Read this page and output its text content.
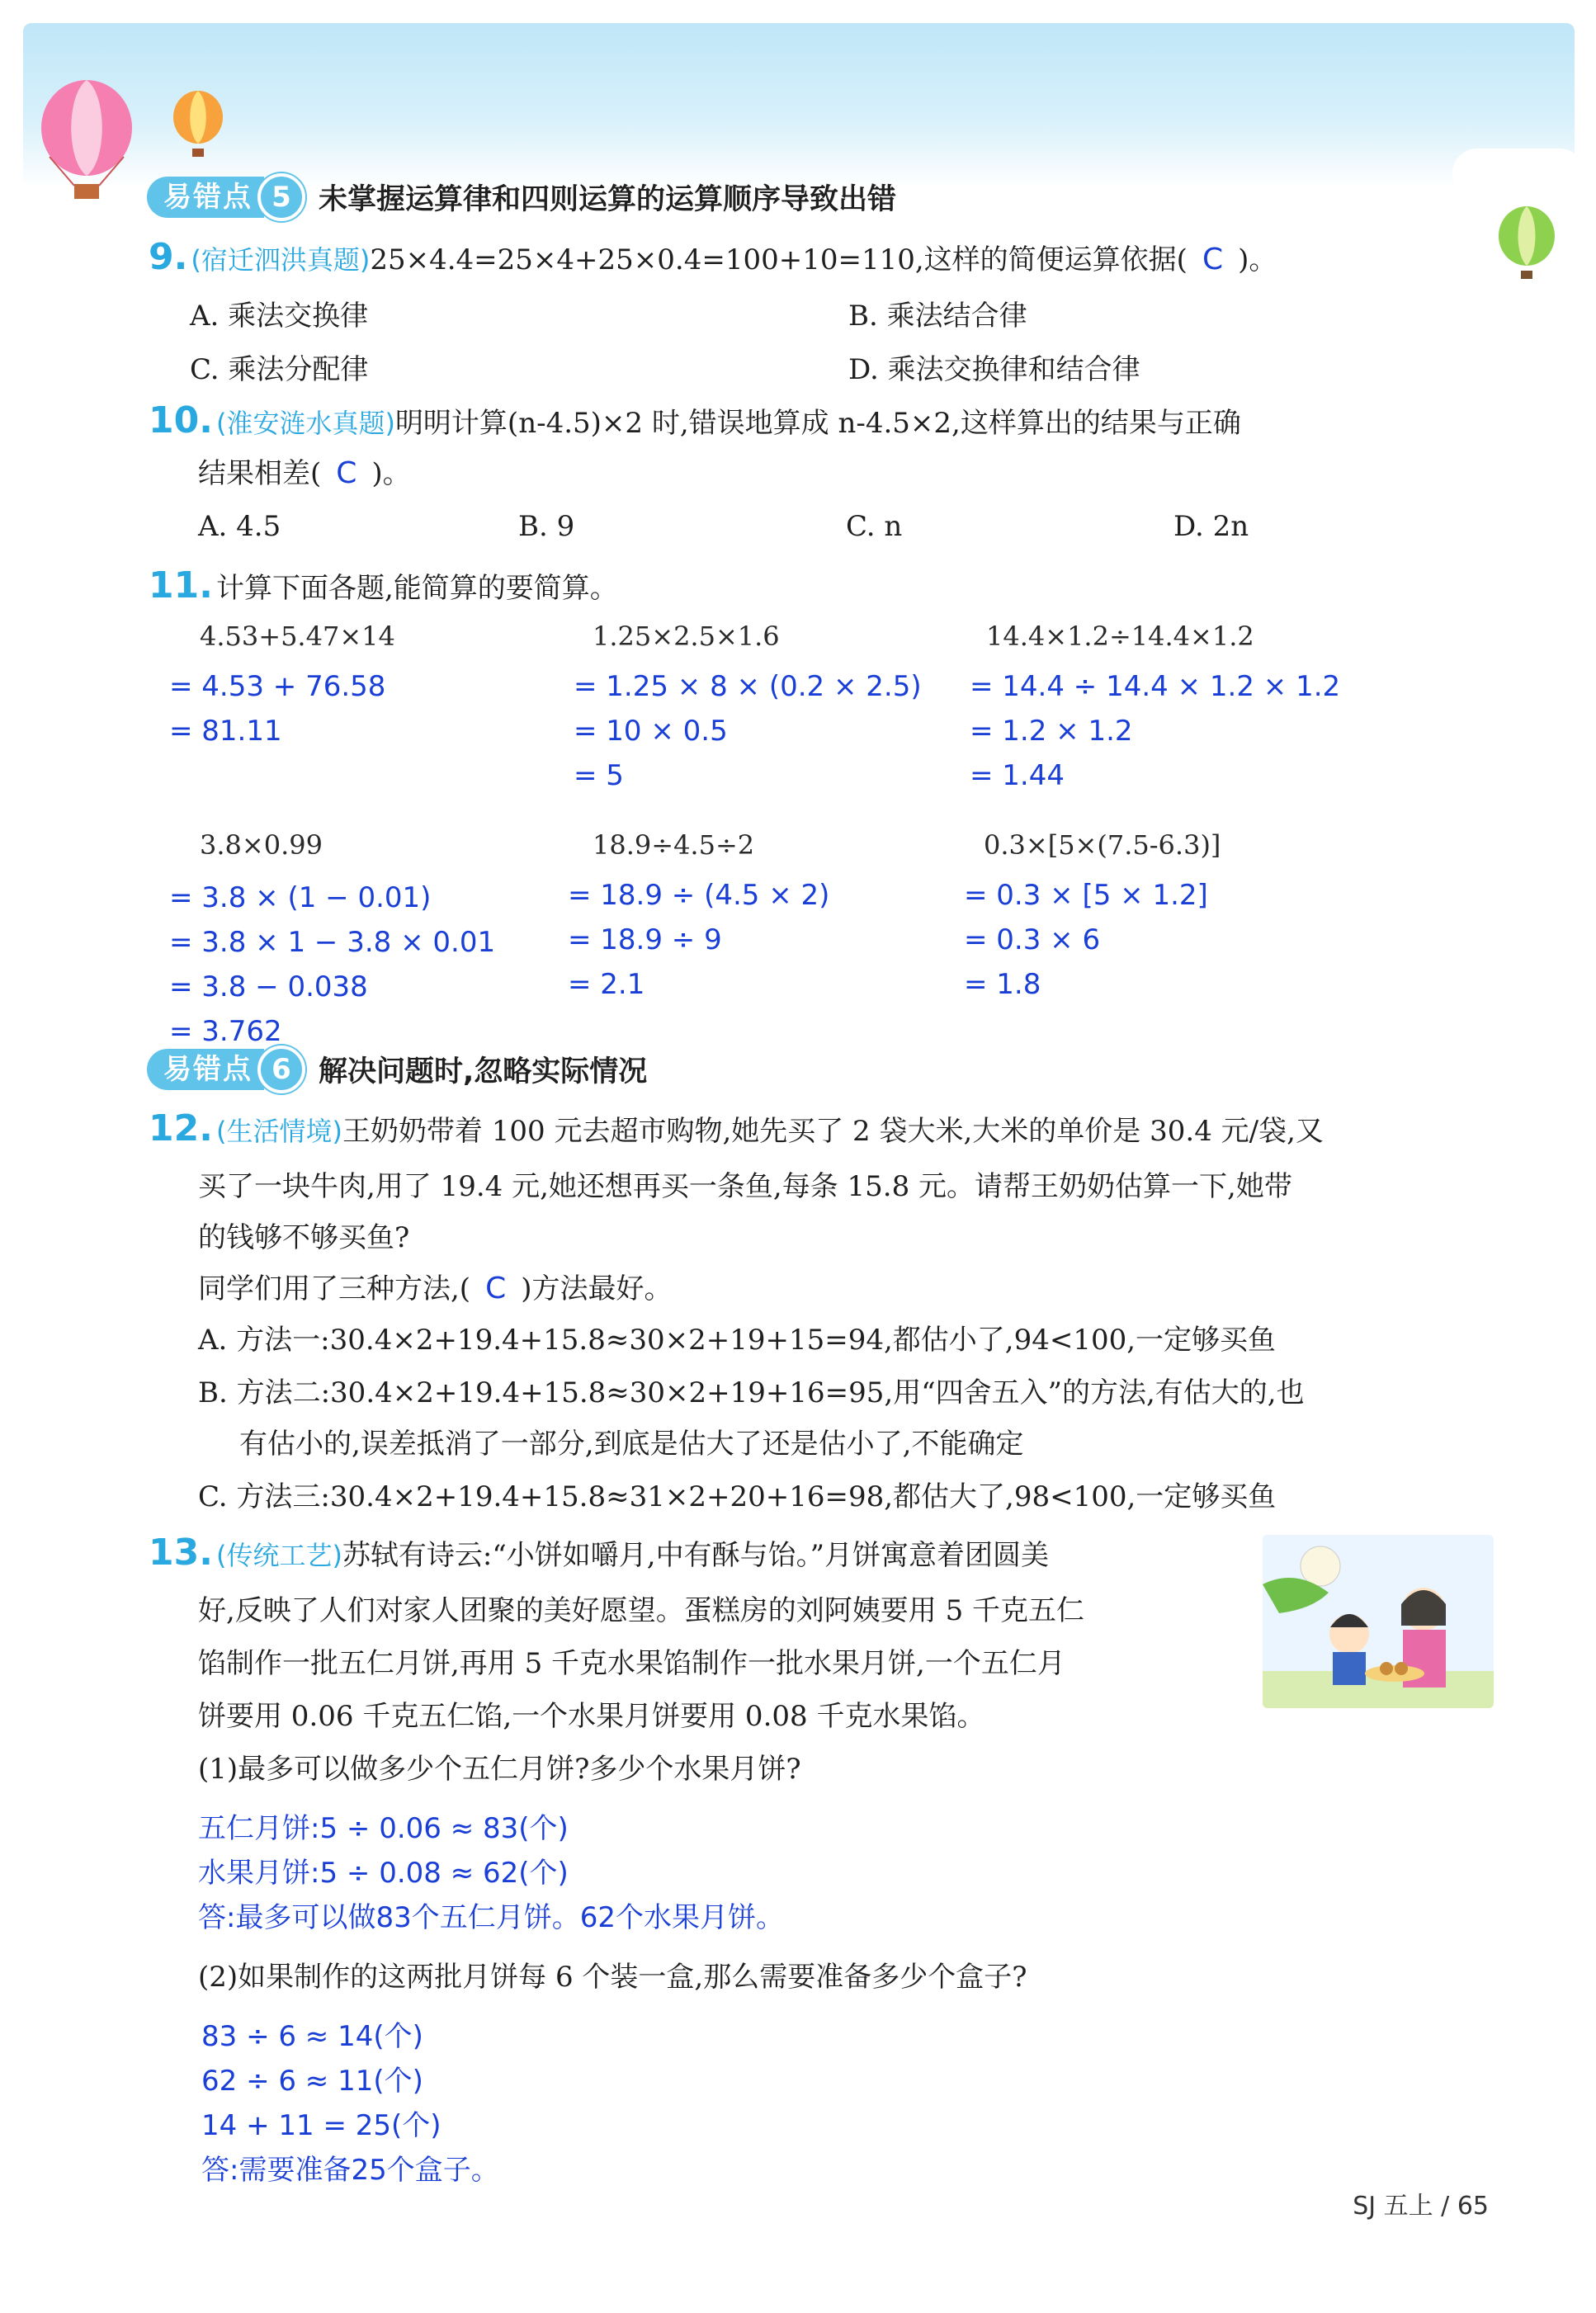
易错点 5 未掌握运算律和四则运算的运算顺序导致出错
9. (宿迁泗洪真题)25×4.4=25×4+25×0.4=100+10=110,这样的简便运算依据( C )。
A. 乘法交换律	B. 乘法结合律
C. 乘法分配律	D. 乘法交换律和结合律
10. (淮安涟水真题)明明计算(n-4.5)×2 时,错误地算成 n-4.5×2,这样算出的结果与正确
结果相差( C )。
A. 4.5	B. 9	C. n	D. 2n
11. 计算下面各题,能简算的要简算。
4.53+5.47×14
= 4.53 + 76.58
= 81.11
1.25×2.5×1.6
= 1.25 × 8 × (0.2 × 2.5)
= 10 × 0.5
= 5
14.4×1.2÷14.4×1.2
= 14.4 ÷ 14.4 × 1.2 × 1.2
= 1.2 × 1.2
= 1.44
3.8×0.99
= 3.8 × (1 − 0.01)
= 3.8 × 1 − 3.8 × 0.01
= 3.8 − 0.038
= 3.762
18.9÷4.5÷2
= 18.9 ÷ (4.5 × 2)
= 18.9 ÷ 9
= 2.1
0.3×[5×(7.5-6.3)]
= 0.3 × [5 × 1.2]
= 0.3 × 6
= 1.8
易错点 6 解决问题时,忽略实际情况
12. (生活情境)王奶奶带着 100 元去超市购物,她先买了 2 袋大米,大米的单价是 30.4 元/袋,又
买了一块牛肉,用了 19.4 元,她还想再买一条鱼,每条 15.8 元。请帮王奶奶估算一下,她带
的钱够不够买鱼?
同学们用了三种方法,( C )方法最好。
A. 方法一:30.4×2+19.4+15.8≈30×2+19+15=94,都估小了,94<100,一定够买鱼
B. 方法二:30.4×2+19.4+15.8≈30×2+19+16=95,用“四舍五入”的方法,有估大的,也
有估小的,误差抵消了一部分,到底是估大了还是估小了,不能确定
C. 方法三:30.4×2+19.4+15.8≈31×2+20+16=98,都估大了,98<100,一定够买鱼
13. (传统工艺)苏轼有诗云:“小饼如嚼月,中有酥与饴。”月饼寓意着团圆美
好,反映了人们对家人团聚的美好愿望。蛋糕房的刘阿姨要用 5 千克五仁
馅制作一批五仁月饼,再用 5 千克水果馅制作一批水果月饼,一个五仁月
饼要用 0.06 千克五仁馅,一个水果月饼要用 0.08 千克水果馅。
(1)最多可以做多少个五仁月饼?多少个水果月饼?
五仁月饼:5 ÷ 0.06 ≈ 83(个)
水果月饼:5 ÷ 0.08 ≈ 62(个)
答:最多可以做83个五仁月饼。62个水果月饼。
(2)如果制作的这两批月饼每 6 个装一盒,那么需要准备多少个盒子?
83 ÷ 6 ≈ 14(个)
62 ÷ 6 ≈ 11(个)
14 + 11 = 25(个)
答:需要准备25个盒子。
SJ 五上 / 65
